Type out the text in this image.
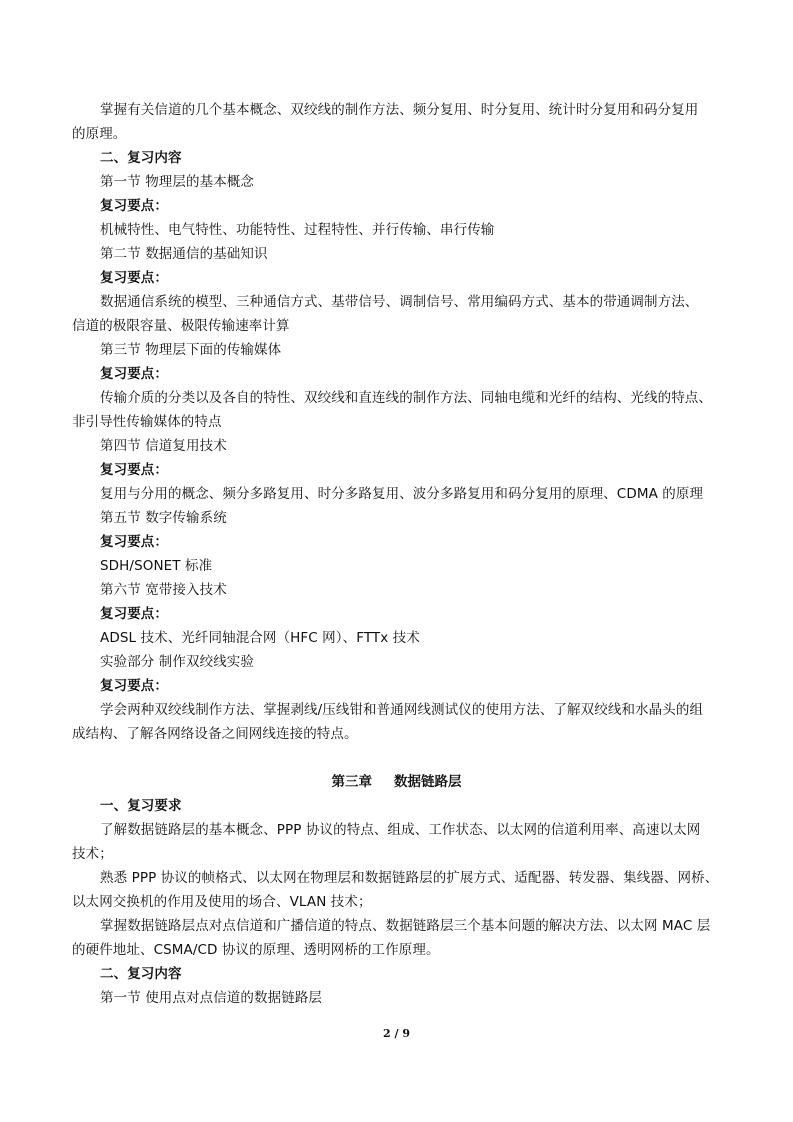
掌握有关信道的几个基本概念、双绞线的制作方法、频分复用、时分复用、统计时分复用和码分复用
的原理。
二、复习内容
第一节 物理层的基本概念
复习要点：
机械特性、电气特性、功能特性、过程特性、并行传输、串行传输
第二节 数据通信的基础知识
复习要点：
数据通信系统的模型、三种通信方式、基带信号、调制信号、常用编码方式、基本的带通调制方法、
信道的极限容量、极限传输速率计算
第三节 物理层下面的传输媒体
复习要点：
传输介质的分类以及各自的特性、双绞线和直连线的制作方法、同轴电缆和光纤的结构、光线的特点、
非引导性传输媒体的特点
第四节 信道复用技术
复习要点：
复用与分用的概念、频分多路复用、时分多路复用、波分多路复用和码分复用的原理、CDMA 的原理
第五节 数字传输系统
复习要点：
SDH/SONET 标准
第六节 宽带接入技术
复习要点：
ADSL 技术、光纤同轴混合网（HFC 网）、FTTx 技术
实验部分 制作双绞线实验
复习要点：
学会两种双绞线制作方法、掌握剥线/压线钳和普通网线测试仪的使用方法、了解双绞线和水晶头的组
成结构、了解各网络设备之间网线连接的特点。
第三章 数据链路层
一、复习要求
了解数据链路层的基本概念、PPP 协议的特点、组成、工作状态、以太网的信道利用率、高速以太网
技术；
熟悉 PPP 协议的帧格式、以太网在物理层和数据链路层的扩展方式、适配器、转发器、集线器、网桥、
以太网交换机的作用及使用的场合、VLAN 技术；
掌握数据链路层点对点信道和广播信道的特点、数据链路层三个基本问题的解决方法、以太网 MAC 层
的硬件地址、CSMA/CD 协议的原理、透明网桥的工作原理。
二、复习内容
第一节 使用点对点信道的数据链路层
2 / 9
